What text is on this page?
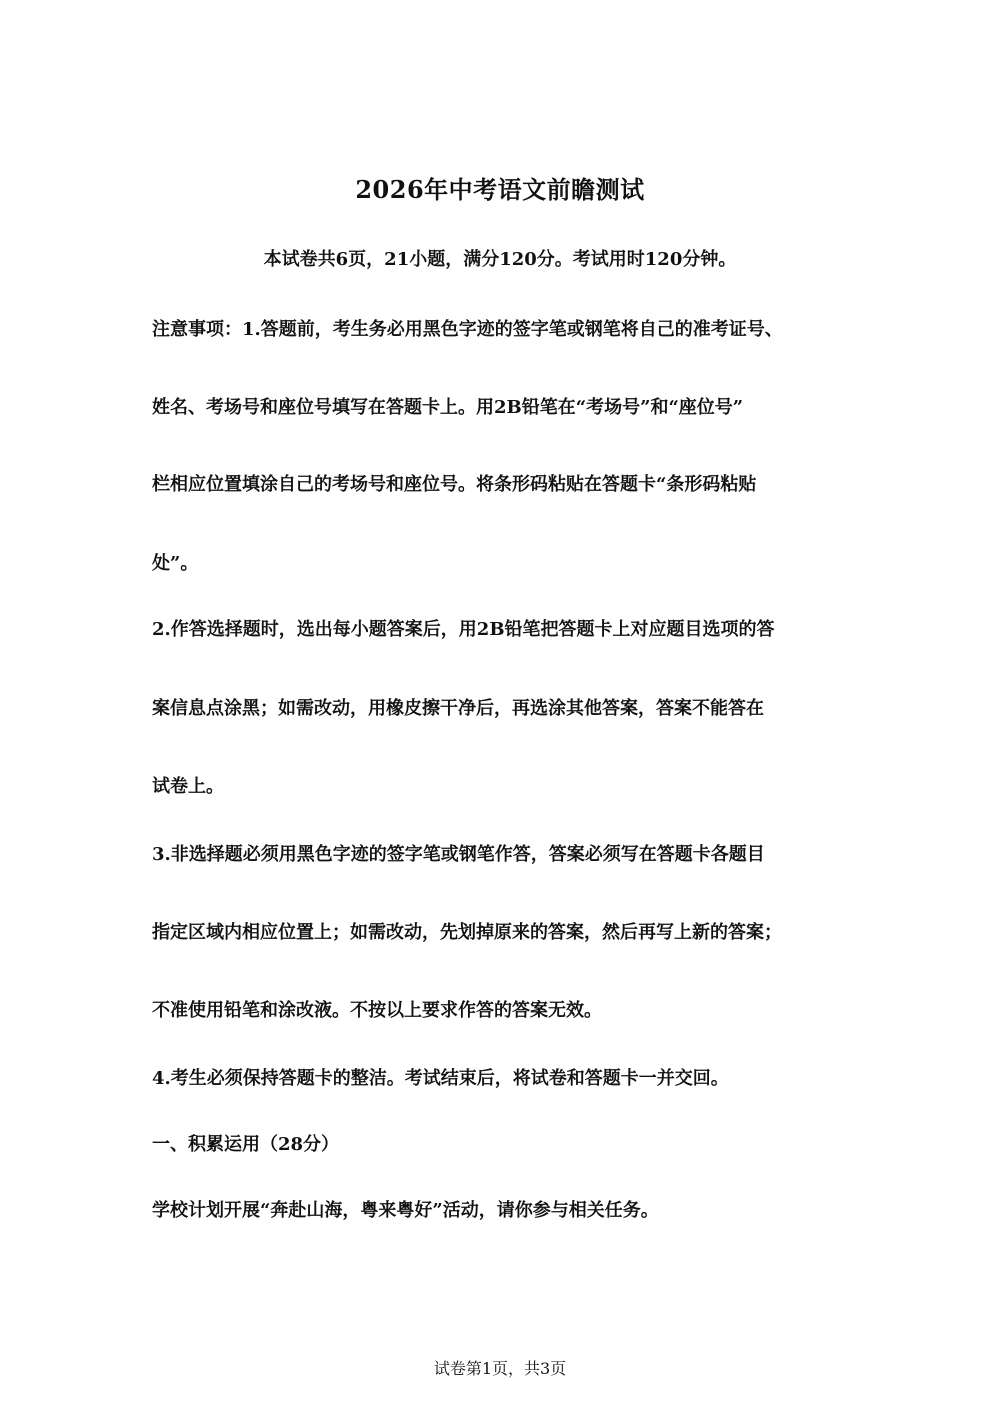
2026年中考语文前瞻测试
本试卷共6页，21小题，满分120分。考试用时120分钟。
注意事项：1.答题前，考生务必用黑色字迹的签字笔或钢笔将自己的准考证号、
姓名、考场号和座位号填写在答题卡上。用2B铅笔在“考场号”和“座位号”
栏相应位置填涂自己的考场号和座位号。将条形码粘贴在答题卡“条形码粘贴
处”。
2.作答选择题时，选出每小题答案后，用2B铅笔把答题卡上对应题目选项的答
案信息点涂黑；如需改动，用橡皮擦干净后，再选涂其他答案，答案不能答在
试卷上。
3.非选择题必须用黑色字迹的签字笔或钢笔作答，答案必须写在答题卡各题目
指定区域内相应位置上；如需改动，先划掉原来的答案，然后再写上新的答案；
不准使用铅笔和涂改液。不按以上要求作答的答案无效。
4.考生必须保持答题卡的整洁。考试结束后，将试卷和答题卡一并交回。
一、积累运用（28分）
学校计划开展“奔赴山海，粤来粤好”活动，请你参与相关任务。
试卷第1页，共3页
